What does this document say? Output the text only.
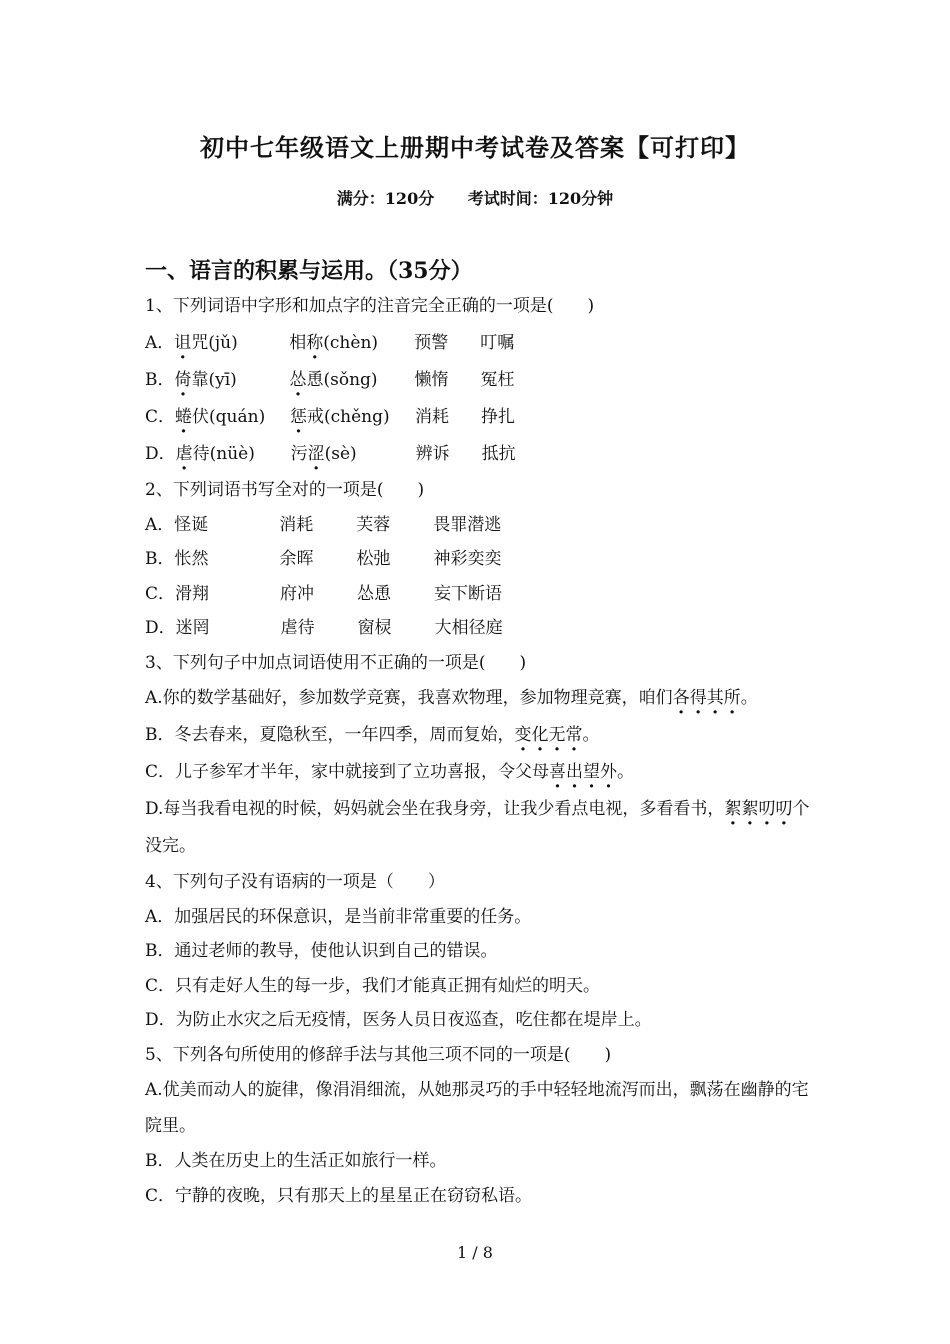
初中七年级语文上册期中考试卷及答案【可打印】
满分：120分 考试时间：120分钟
一、语言的积累与运用。（35分）
1、下列词语中字形和加点字的注音完全正确的一项是(　　)
A．诅咒(jǔ)	相称(chèn) 预警 叮嘱
B．倚靠(yī)	怂恿(sǒng) 懒惰 冤枉
C．蜷伏(quán) 惩戒(chěng) 消耗 挣扎
D．虐待(nüè) 污涩(sè)	辨诉 抵抗
2、下列词语书写全对的一项是(　　)
A．怪诞	消耗	芙蓉	畏罪潜逃
B．怅然	余晖	松弛	神彩奕奕
C．滑翔	府冲	怂恿	妄下断语
D．迷罔	虐待	窗棂	大相径庭
3、下列句子中加点词语使用不正确的一项是(　　)
A.你的数学基础好，参加数学竞赛，我喜欢物理，参加物理竞赛，咱们各得其所。
B．冬去春来，夏隐秋至，一年四季，周而复始，变化无常。
C．儿子参军才半年，家中就接到了立功喜报，令父母喜出望外。
D.每当我看电视的时候，妈妈就会坐在我身旁，让我少看点电视，多看看书，絮絮叨叨个没完。
4、下列句子没有语病的一项是（　　）
A．加强居民的环保意识，是当前非常重要的任务。
B．通过老师的教导，使他认识到自己的错误。
C．只有走好人生的每一步，我们才能真正拥有灿烂的明天。
D．为防止水灾之后无疫情，医务人员日夜巡查，吃住都在堤岸上。
5、下列各句所使用的修辞手法与其他三项不同的一项是(　　)
A.优美而动人的旋律，像涓涓细流，从她那灵巧的手中轻轻地流泻而出，飘荡在幽静的宅院里。
B．人类在历史上的生活正如旅行一样。
C．宁静的夜晚，只有那天上的星星正在窃窃私语。
1 / 8
